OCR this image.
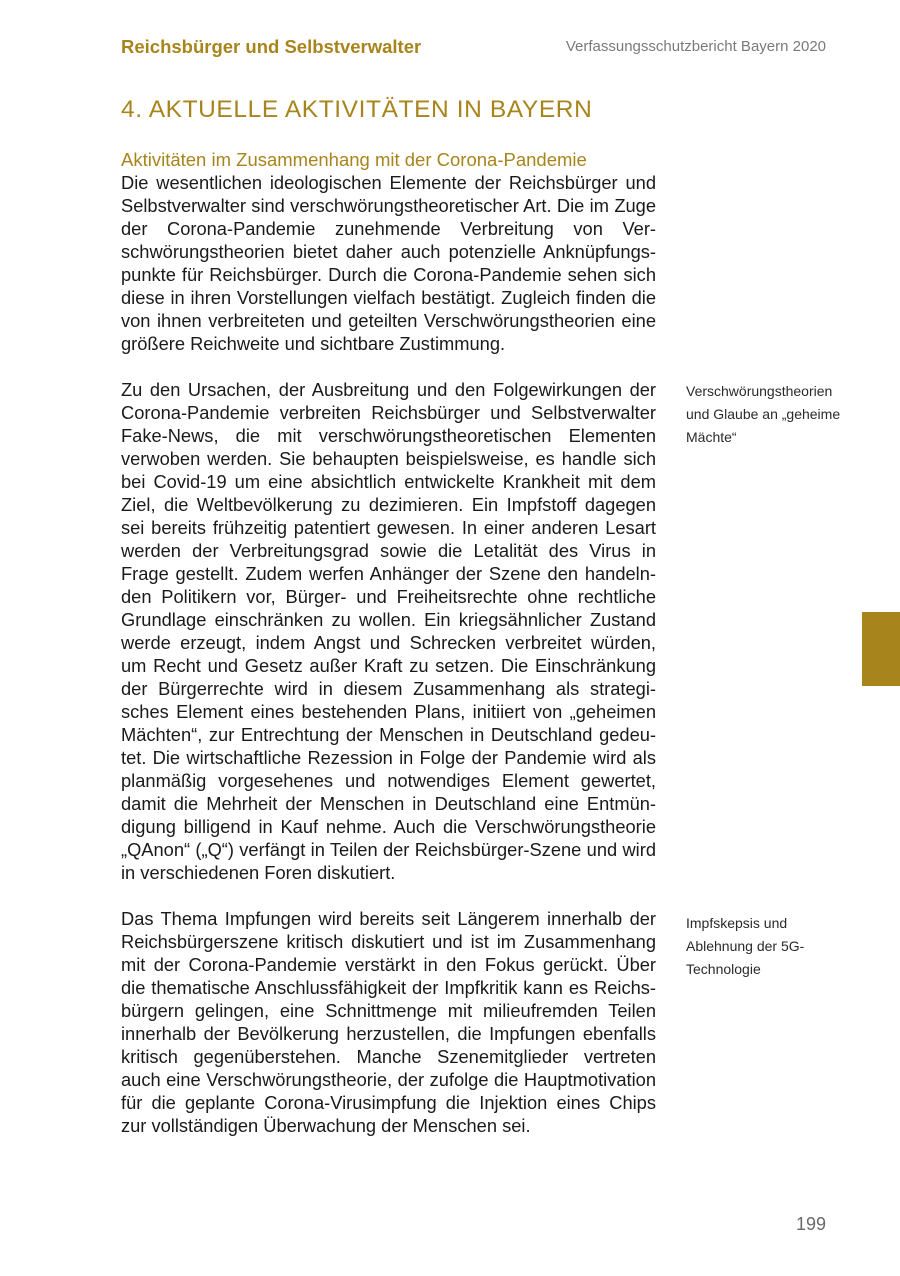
Reichsbürger und Selbstverwalter	Verfassungsschutzbericht Bayern 2020
4. AKTUELLE AKTIVITÄTEN IN BAYERN
Aktivitäten im Zusammenhang mit der Corona-Pandemie

Die wesentlichen ideologischen Elemente der Reichsbürger und Selbstverwalter sind verschwörungstheoretischer Art. Die im Zuge der Corona-Pandemie zunehmende Verbreitung von Verschwörungstheorien bietet daher auch potenzielle Anknüpfungspunkte für Reichsbürger. Durch die Corona-Pandemie sehen sich diese in ihren Vorstellungen vielfach bestätigt. Zugleich finden die von ihnen verbreiteten und geteilten Verschwörungstheorien eine größere Reichweite und sichtbare Zustimmung.

Zu den Ursachen, der Ausbreitung und den Folgewirkungen der Corona-Pandemie verbreiten Reichsbürger und Selbstverwalter Fake-News, die mit verschwörungstheoretischen Elementen verwoben werden. Sie behaupten beispielsweise, es handle sich bei Covid-19 um eine absichtlich entwickelte Krankheit mit dem Ziel, die Weltbevölkerung zu dezimieren. Ein Impfstoff dagegen sei bereits frühzeitig patentiert gewesen. In einer anderen Lesart werden der Verbreitungsgrad sowie die Letalität des Virus in Frage gestellt. Zudem werfen Anhänger der Szene den handelnden Politikern vor, Bürger- und Freiheitsrechte ohne rechtliche Grundlage einschränken zu wollen. Ein kriegsähnlicher Zustand werde erzeugt, indem Angst und Schrecken verbreitet würden, um Recht und Gesetz außer Kraft zu setzen. Die Einschränkung der Bürgerrechte wird in diesem Zusammenhang als strategisches Element eines bestehenden Plans, initiiert von „geheimen Mächten“, zur Entrechtung der Menschen in Deutschland gedeutet. Die wirtschaftliche Rezession in Folge der Pandemie wird als planmäßig vorgesehenes und notwendiges Element gewertet, damit die Mehrheit der Menschen in Deutschland eine Entmündigung billigend in Kauf nehme. Auch die Verschwörungstheorie „QAnon“ („Q“) verfängt in Teilen der Reichsbürger-Szene und wird in verschiedenen Foren diskutiert.

Das Thema Impfungen wird bereits seit Längerem innerhalb der Reichsbürgerszene kritisch diskutiert und ist im Zusammenhang mit der Corona-Pandemie verstärkt in den Fokus gerückt. Über die thematische Anschlussfähigkeit der Impfkritik kann es Reichsbürgern gelingen, eine Schnittmenge mit milieufremden Teilen innerhalb der Bevölkerung herzustellen, die Impfungen ebenfalls kritisch gegenüberstehen. Manche Szenemitglieder vertreten auch eine Verschwörungstheorie, der zufolge die Hauptmotivation für die geplante Corona-Virusimpfung die Injektion eines Chips zur vollständigen Überwachung der Menschen sei.

Verschwörungstheorien und Glaube an „geheime Mächte“
Impfskepsis und Ablehnung der 5G-Technologie
199
